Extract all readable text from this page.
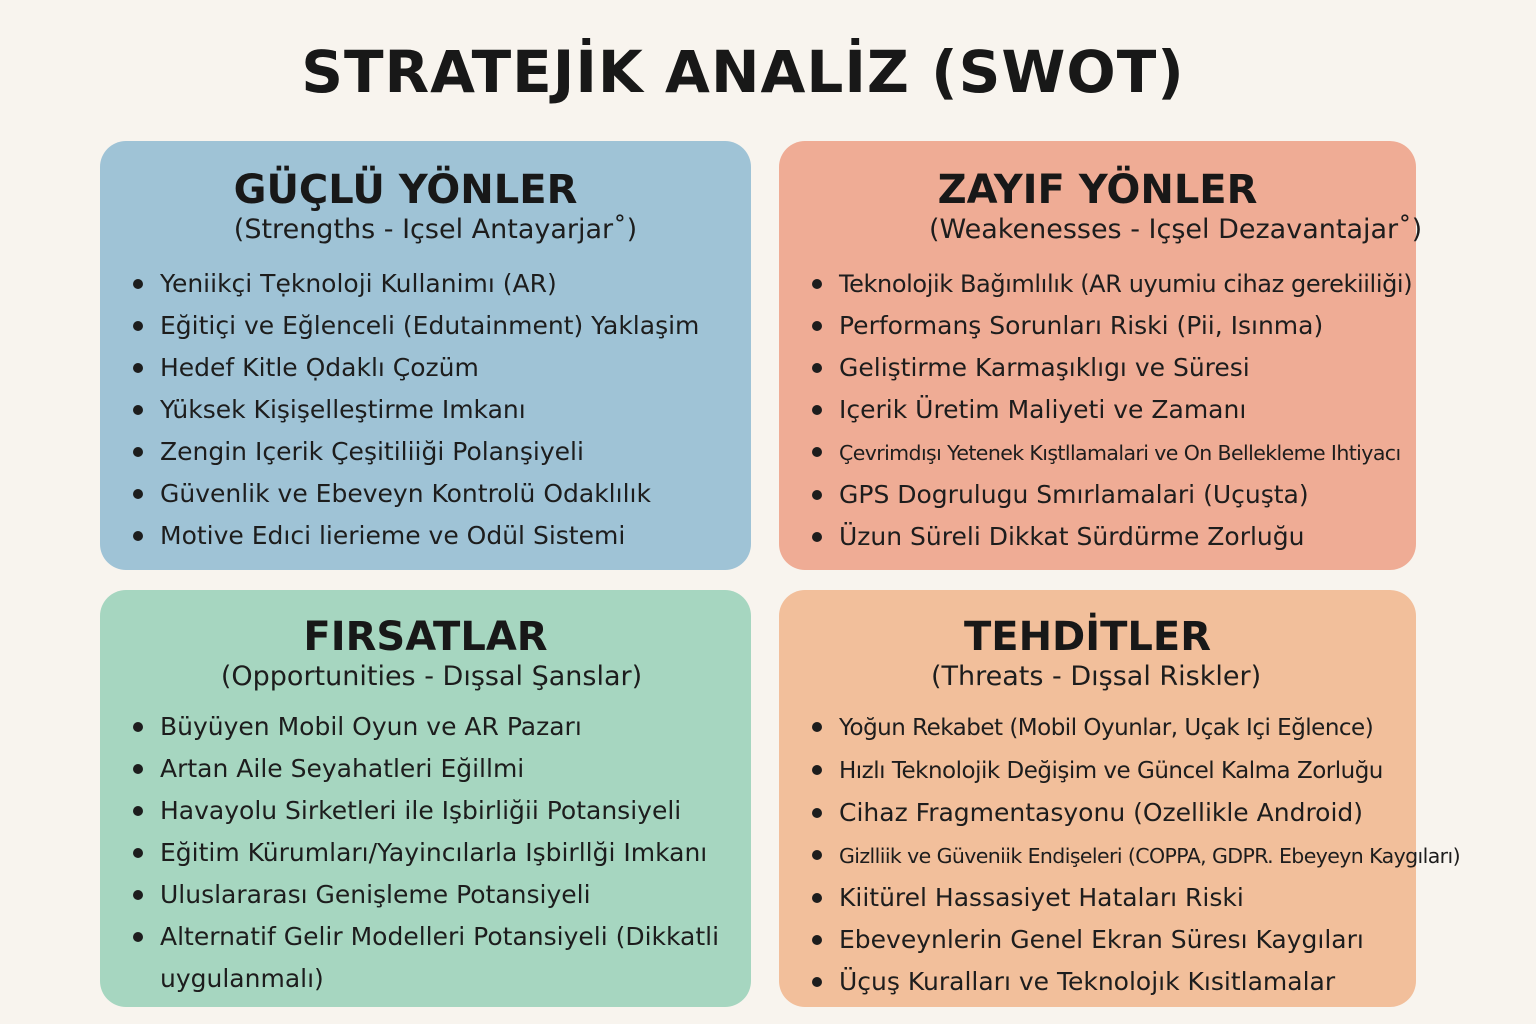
STRATEJİK ANALİZ (SWOT)
GÜÇLÜ YÖNLER
(Strengths - Içsel Antayarjar˚)
Yeniikçi Tẹknoloji Kullanimı (AR)
Eğitiçi ve Eğlenceli (Edutainment) Yaklaşim
Hedef Kitle Ọdaklı Çozüm
Yüksek Kişişelleştirme Imkanı
Zengin Içerik Çeşitiliiği Polanşiyeli
Güvenlik ve Ebeveyn Kontrolü Odaklılık
Motive Edıci lierieme ve Odül Sistemi
ZAYIF YÖNLER
(Weakenesses - Içşel Dezavantajar˚)
Teknolojik Bağımlılık (AR uyumiu cihaz gerekiiliği)
Performanş Sorunları Riski (Pii, Isınma)
Geliştirme Karmaşıklıgı ve Süresi
Içerik Üretim Maliyeti ve Zamanı
Çevrimdışı Yetenek Kıştllamalari ve On Bellekleme Ihtiyacı
GPS Dogrulugu Smırlamalari (Uçuşta)
Üzun Süreli Dikkat Sürdürme Zorluğu
FIRSATLAR
(Opportunities - Dışsal Şanslar)
Büyüyen Mobil Oyun ve AR Pazarı
Artan Aile Seyahatleri Eğillmi
Havayolu Sirketleri ile Işbirliğii Potansiyeli
Eğitim Kürumları/Yayincılarla Işbirllği Imkanı
Uluslararası Genişleme Potansiyeli
Alternatif Gelir Modelleri Potansiyeli (Dikkatli uygulanmalı)
TEHDİTLER
(Threats - Dışsal Riskler)
Yoğun Rekabet (Mobil Oyunlar, Uçak Içi Eğlence)
Hızlı Teknolojik Değişim ve Güncel Kalma Zorluğu
Cihaz Fragmentasyonu (Ozellikle Android)
Gizlliik ve Güveniik Endişeleri (COPPA, GDPR. Ebeyeyn Kaygıları)
Kiitürel Hassasiyet Hataları Riski
Ebeveynlerin Genel Ekran Süresı Kaygıları
Üçuş Kuralları ve Teknolojık Kısitlamalar
